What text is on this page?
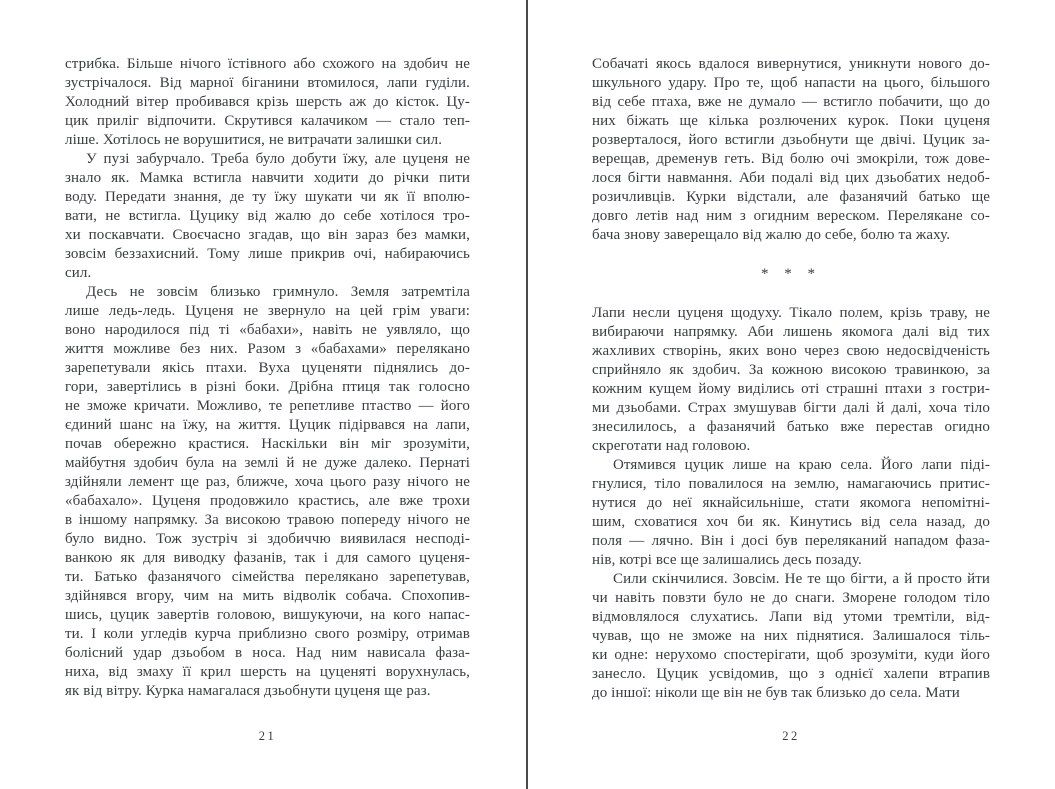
стрибка. Більше нічого їстівного або схожого на здобич не
зустрічалося. Від марної біганини втомилося, лапи гуділи.
Холодний вітер пробивався крізь шерсть аж до кісток. Цу-
цик приліг відпочити. Скрутився калачиком — стало теп-
ліше. Хотілось не ворушитися, не витрачати залишки сил.
У пузі забурчало. Треба було добути їжу, але цуценя не
знало як. Мамка встигла навчити ходити до річки пити
воду. Передати знання, де ту їжу шукати чи як її вполю-
вати, не встигла. Цуцику від жалю до себе хотілося тро-
хи поскавчати. Своєчасно згадав, що він зараз без мамки,
зовсім беззахисний. Тому лише прикрив очі, набираючись
сил.
Десь не зовсім близько гримнуло. Земля затремтіла
лише ледь-ледь. Цуценя не звернуло на цей грім уваги:
воно народилося під ті «бабахи», навіть не уявляло, що
життя можливе без них. Разом з «бабахами» перелякано
зарепетували якісь птахи. Вуха цуценяти піднялись до-
гори, завертілись в різні боки. Дрібна птиця так голосно
не зможе кричати. Можливо, те репетливе птаство — його
єдиний шанс на їжу, на життя. Цуцик підірвався на лапи,
почав обережно крастися. Наскільки він міг зрозуміти,
майбутня здобич була на землі й не дуже далеко. Пернаті
здійняли лемент ще раз, ближче, хоча цього разу нічого не
«бабахало». Цуценя продовжило крастись, але вже трохи
в іншому напрямку. За високою травою попереду нічого не
було видно. Тож зустріч зі здобиччю виявилася несподі-
ванкою як для виводку фазанів, так і для самого цуценя-
ти. Батько фазанячого сімейства перелякано зарепетував,
здійнявся вгору, чим на мить відволік собача. Спохопив-
шись, цуцик завертів головою, вишукуючи, на кого напас-
ти. І коли угледів курча приблизно свого розміру, отримав
болісний удар дзьобом в носа. Над ним нависала фаза-
ниха, від змаху її крил шерсть на цуценяті ворухнулась,
як від вітру. Курка намагалася дзьобнути цуценя ще раз.
21
Собачаті якось вдалося вивернутися, уникнути нового до-
шкульного удару. Про те, щоб напасти на цього, більшого
від себе птаха, вже не думало — встигло побачити, що до
них біжать ще кілька розлючених курок. Поки цуценя
розверталося, його встигли дзьобнути ще двічі. Цуцик за-
верещав, дременув геть. Від болю очі змокріли, тож дове-
лося бігти навмання. Аби подалі від цих дзьобатих недоб-
розичливців. Курки відстали, але фазанячий батько ще
довго летів над ним з огидним вереском. Перелякане со-
бача знову заверещало від жалю до себе, болю та жаху.
* * *
Лапи несли цуценя щодуху. Тікало полем, крізь траву, не
вибираючи напрямку. Аби лишень якомога далі від тих
жахливих створінь, яких воно через свою недосвідченість
сприйняло як здобич. За кожною високою травинкою, за
кожним кущем йому виділись оті страшні птахи з гостри-
ми дзьобами. Страх змушував бігти далі й далі, хоча тіло
знесилилось, а фазанячий батько вже перестав огидно
скреготати над головою.
Отямився цуцик лише на краю села. Його лапи піді-
гнулися, тіло повалилося на землю, намагаючись притис-
нутися до неї якнайсильніше, стати якомога непомітні-
шим, сховатися хоч би як. Кинутись від села назад, до
поля — лячно. Він і досі був переляканий нападом фаза-
нів, котрі все ще залишались десь позаду.
Сили скінчилися. Зовсім. Не те що бігти, а й просто йти
чи навіть повзти було не до снаги. Зморене голодом тіло
відмовлялося слухатись. Лапи від утоми тремтіли, від-
чував, що не зможе на них піднятися. Залишалося тіль-
ки одне: нерухомо спостерігати, щоб зрозуміти, куди його
занесло. Цуцик усвідомив, що з однієї халепи втрапив
до іншої: ніколи ще він не був так близько до села. Мати
22
